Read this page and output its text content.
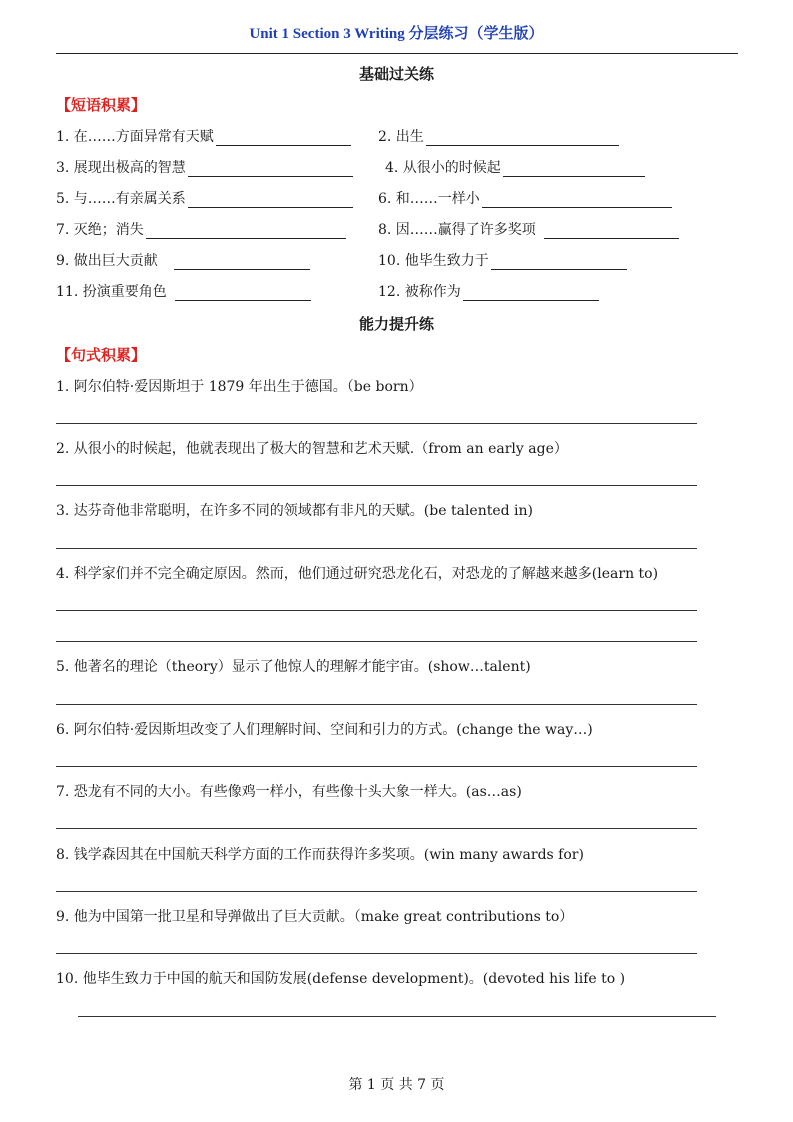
Unit 1 Section 3 Writing 分层练习（学生版）
基础过关练
【短语积累】
1. 在……方面异常有天赋	2. 出生
3. 展现出极高的智慧	4. 从很小的时候起
5. 与……有亲属关系	6. 和……一样小
7. 灭绝；消失	8. 因……赢得了许多奖项
9. 做出巨大贡献	10. 他毕生致力于
11. 扮演重要角色	12. 被称作为
能力提升练
【句式积累】
1. 阿尔伯特·爱因斯坦于 1879 年出生于德国。（be born）
2. 从很小的时候起，他就表现出了极大的智慧和艺术天赋.（from an early age）
3. 达芬奇他非常聪明，在许多不同的领域都有非凡的天赋。(be talented in)
4. 科学家们并不完全确定原因。然而，他们通过研究恐龙化石，对恐龙的了解越来越多(learn to)
5. 他著名的理论（theory）显示了他惊人的理解才能宇宙。(show…talent)
6. 阿尔伯特·爱因斯坦改变了人们理解时间、空间和引力的方式。(change the way…)
7. 恐龙有不同的大小。有些像鸡一样小，有些像十头大象一样大。(as…as)
8. 钱学森因其在中国航天科学方面的工作而获得许多奖项。(win many awards for)
9. 他为中国第一批卫星和导弹做出了巨大贡献。（make great contributions to）
10. 他毕生致力于中国的航天和国防发展(defense development)。(devoted his life to )
第 1 页 共 7 页
